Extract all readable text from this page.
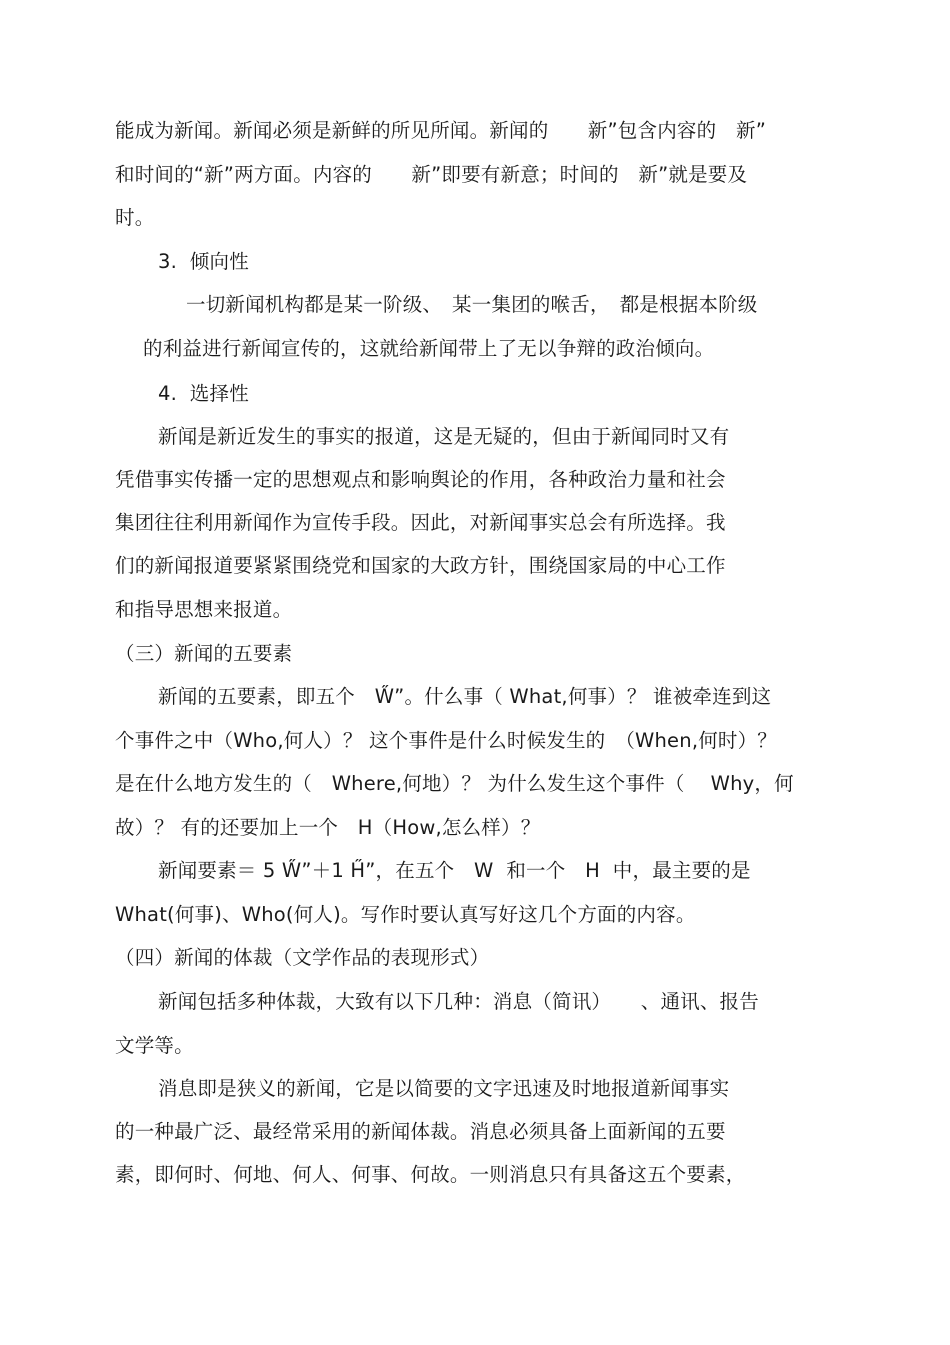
能成为新闻。新闻必须是新鲜的所见所闻。新闻的　　新”包含内容的　新”
和时间的“新”两方面。内容的　　新”即要有新意；时间的　新”就是要及
时。
3.  倾向性
一切新闻机构都是某一阶级、　某一集团的喉舌，　都是根据本阶级
的利益进行新闻宣传的，这就给新闻带上了无以争辩的政治倾向。
4.  选择性
新闻是新近发生的事实的报道，这是无疑的，但由于新闻同时又有
凭借事实传播一定的思想观点和影响舆论的作用，各种政治力量和社会
集团往往利用新闻作为宣传手段。因此，对新闻事实总会有所选择。我
们的新闻报道要紧紧围绕党和国家的大政方针，围绕国家局的中心工作
和指导思想来报道。
（三）新闻的五要素
新闻的五要素，即五个　W̋”。什么事（ What,何事）？ 谁被牵连到这
个事件之中（Who,何人）？ 这个事件是什么时候发生的　（When,何时）？
是在什么地方发生的（　Where,何地）？ 为什么发生这个事件（　 Why，何
故）？ 有的还要加上一个　H（How,怎么样）？
新闻要素＝ 5 W̋”＋1 H̋”，在五个　W  和一个　H  中，最主要的是
What(何事)、Who(何人)。写作时要认真写好这几个方面的内容。
（四）新闻的体裁（文学作品的表现形式）
新闻包括多种体裁，大致有以下几种：消息（简讯）　　、通讯、报告
文学等。
消息即是狭义的新闻，它是以简要的文字迅速及时地报道新闻事实
的一种最广泛、最经常采用的新闻体裁。消息必须具备上面新闻的五要
素，即何时、何地、何人、何事、何故。一则消息只有具备这五个要素，
